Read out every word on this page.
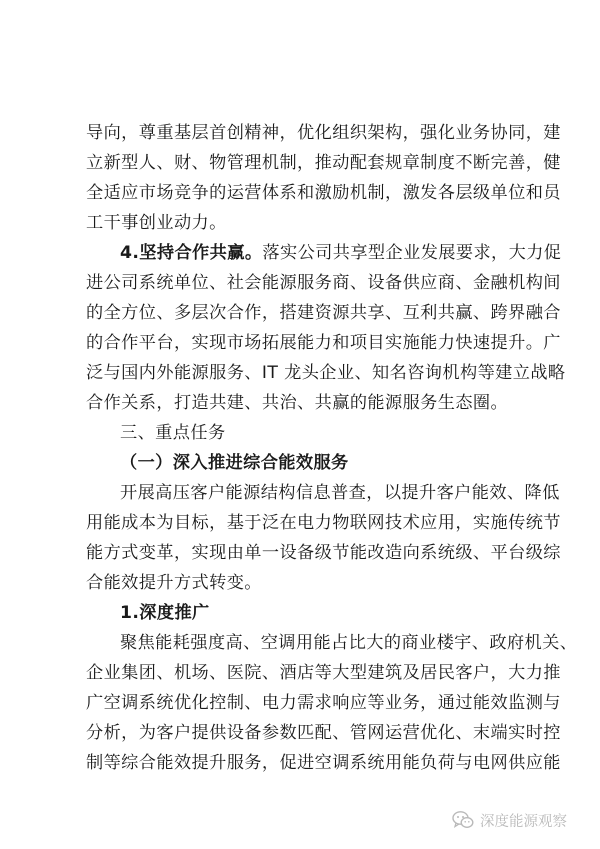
导向，尊重基层首创精神，优化组织架构，强化业务协同，建
立新型人、财、物管理机制，推动配套规章制度不断完善，健
全适应市场竞争的运营体系和激励机制，激发各层级单位和员
工干事创业动力。
4.坚持合作共赢。落实公司共享型企业发展要求，大力促
进公司系统单位、社会能源服务商、设备供应商、金融机构间
的全方位、多层次合作，搭建资源共享、互利共赢、跨界融合
的合作平台，实现市场拓展能力和项目实施能力快速提升。广
泛与国内外能源服务、IT 龙头企业、知名咨询机构等建立战略
合作关系，打造共建、共治、共赢的能源服务生态圈。
三、重点任务
（一）深入推进综合能效服务
开展高压客户能源结构信息普查，以提升客户能效、降低
用能成本为目标，基于泛在电力物联网技术应用，实施传统节
能方式变革，实现由单一设备级节能改造向系统级、平台级综
合能效提升方式转变。
1.深度推广
聚焦能耗强度高、空调用能占比大的商业楼宇、政府机关、
企业集团、机场、医院、酒店等大型建筑及居民客户，大力推
广空调系统优化控制、电力需求响应等业务，通过能效监测与
分析，为客户提供设备参数匹配、管网运营优化、末端实时控
制等综合能效提升服务，促进空调系统用能负荷与电网供应能
深度能源观察
